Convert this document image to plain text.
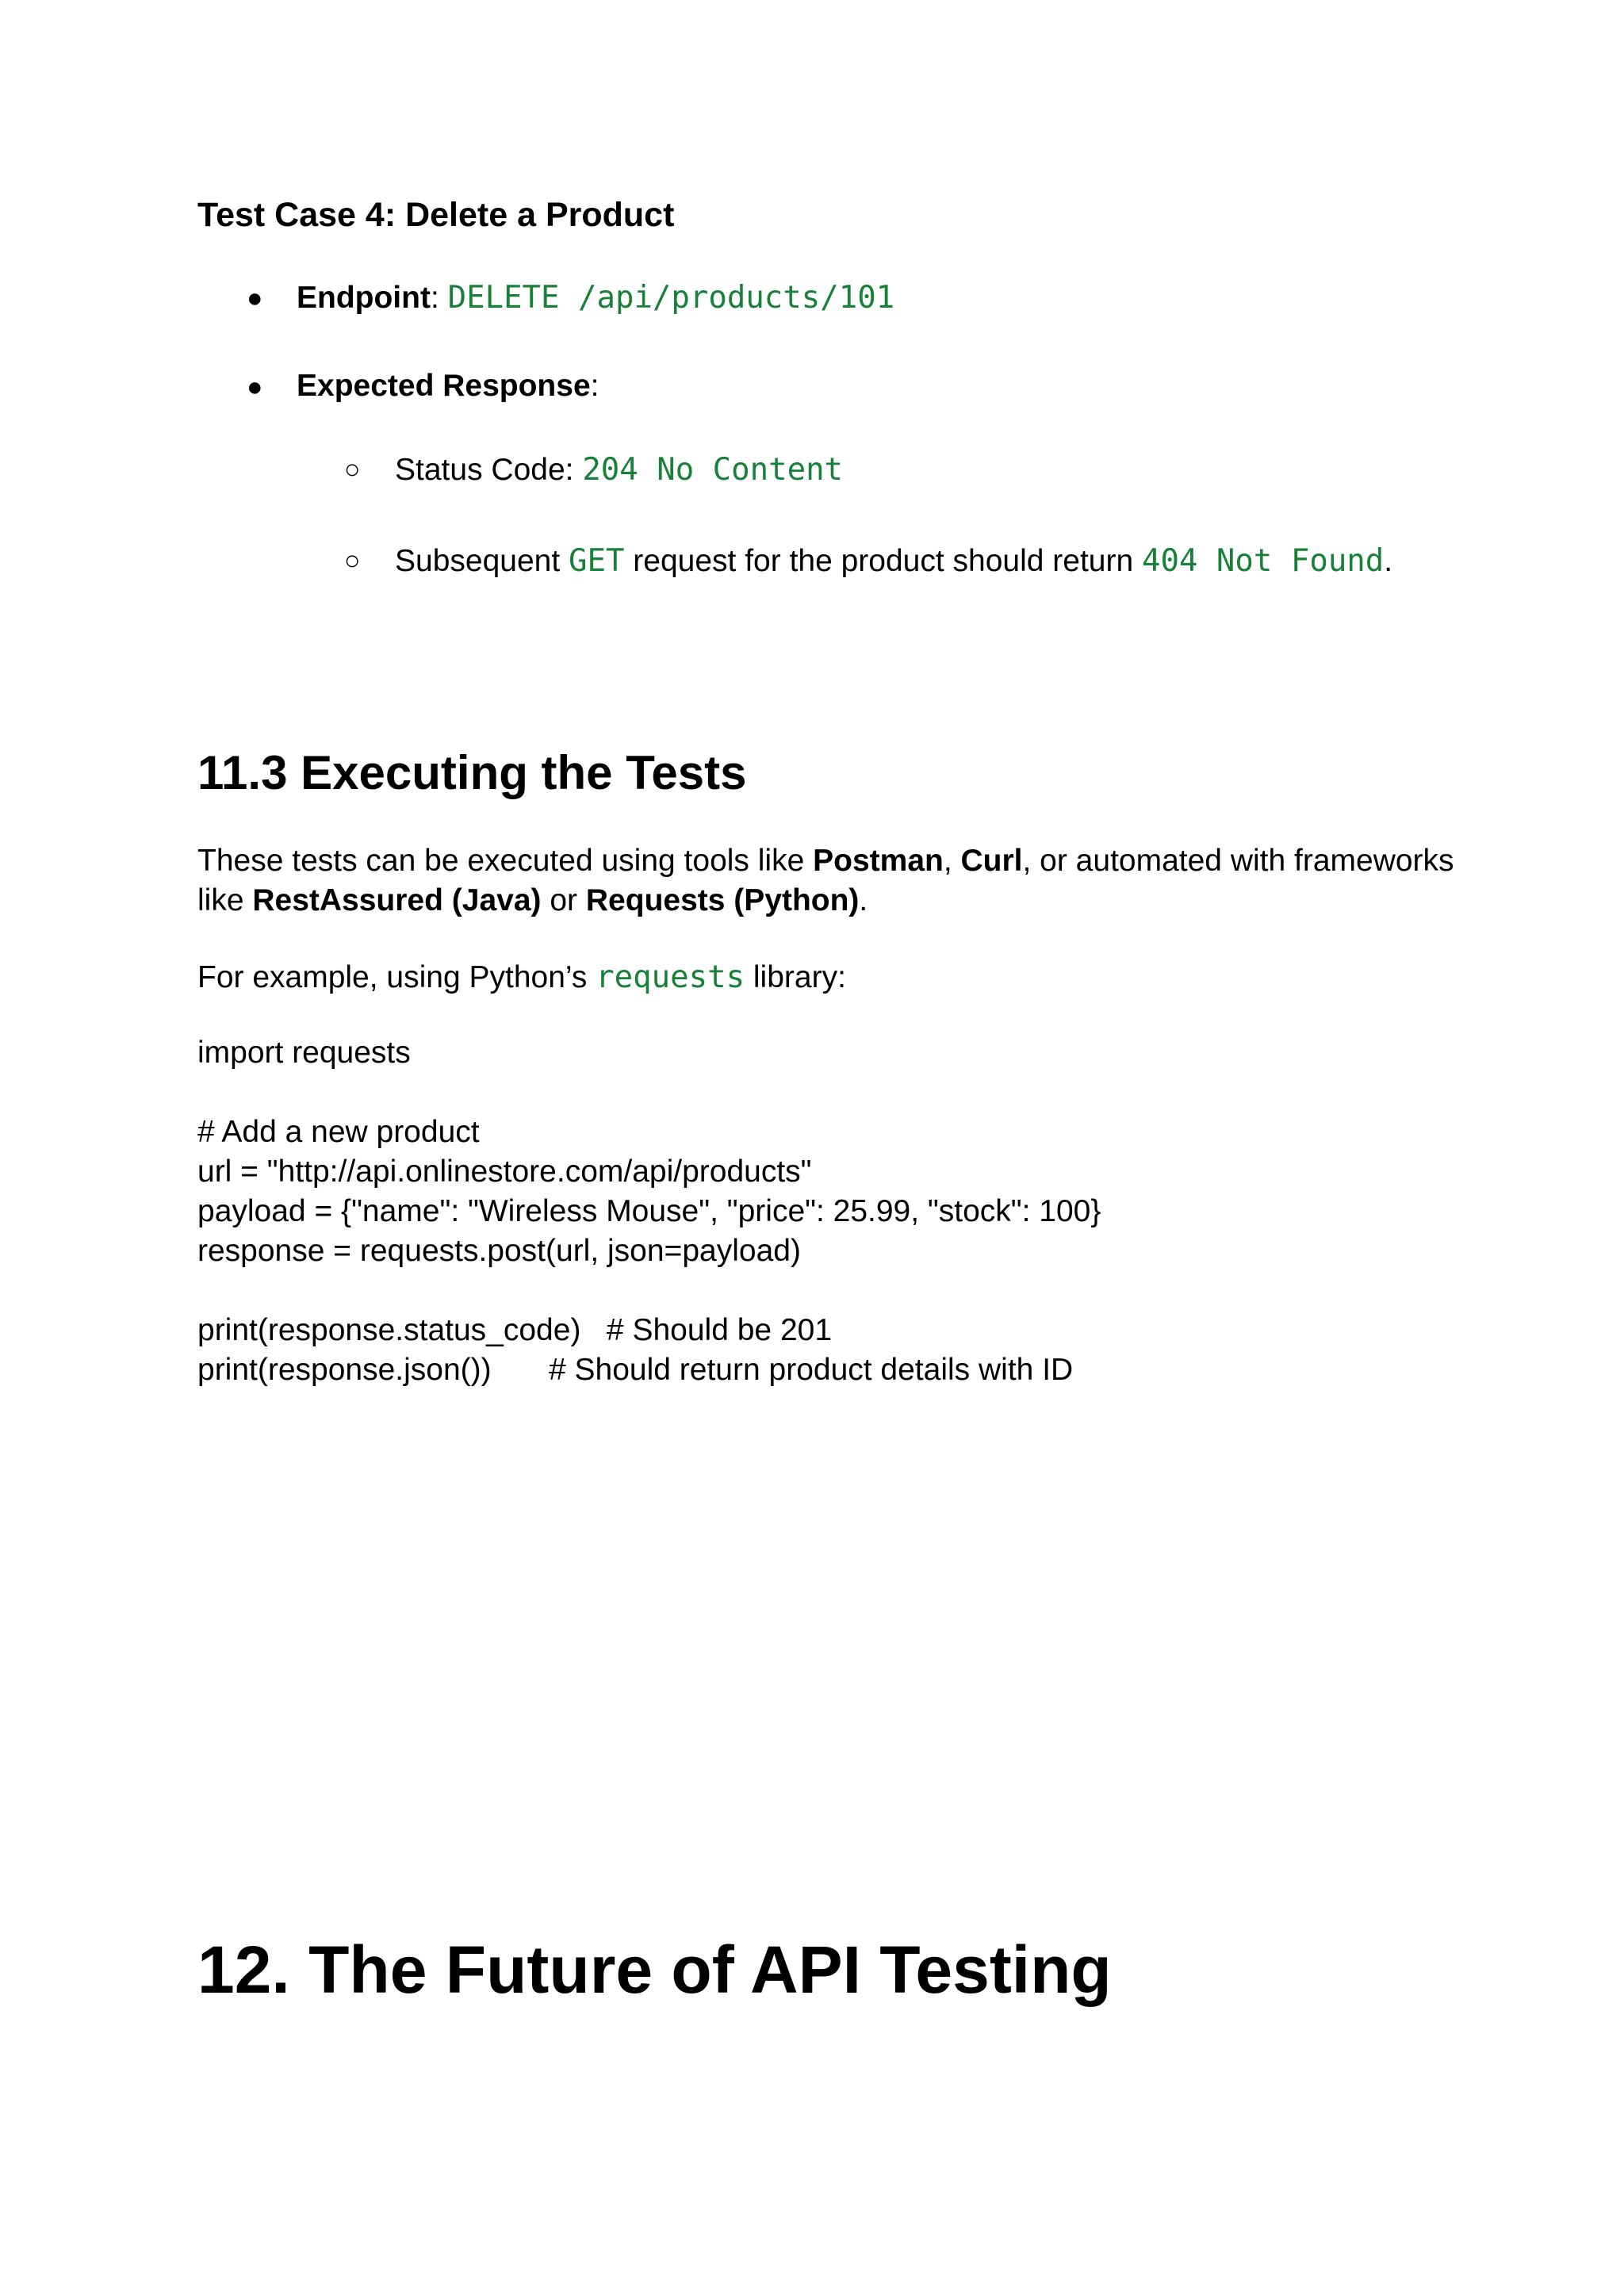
Test Case 4: Delete a Product
● Endpoint: DELETE /api/products/101
● Expected Response:
○ Status Code: 204 No Content
○ Subsequent GET request for the product should return 404 Not Found.
11.3 Executing the Tests
These tests can be executed using tools like Postman, Curl, or automated with frameworks
like RestAssured (Java) or Requests (Python).
For example, using Python’s requests library:
import requests
# Add a new product
url = "http://api.onlinestore.com/api/products"
payload = {"name": "Wireless Mouse", "price": 25.99, "stock": 100}
response = requests.post(url, json=payload)
print(response.status_code)   # Should be 201
print(response.json()) # Should return product details with ID
12. The Future of API Testing
